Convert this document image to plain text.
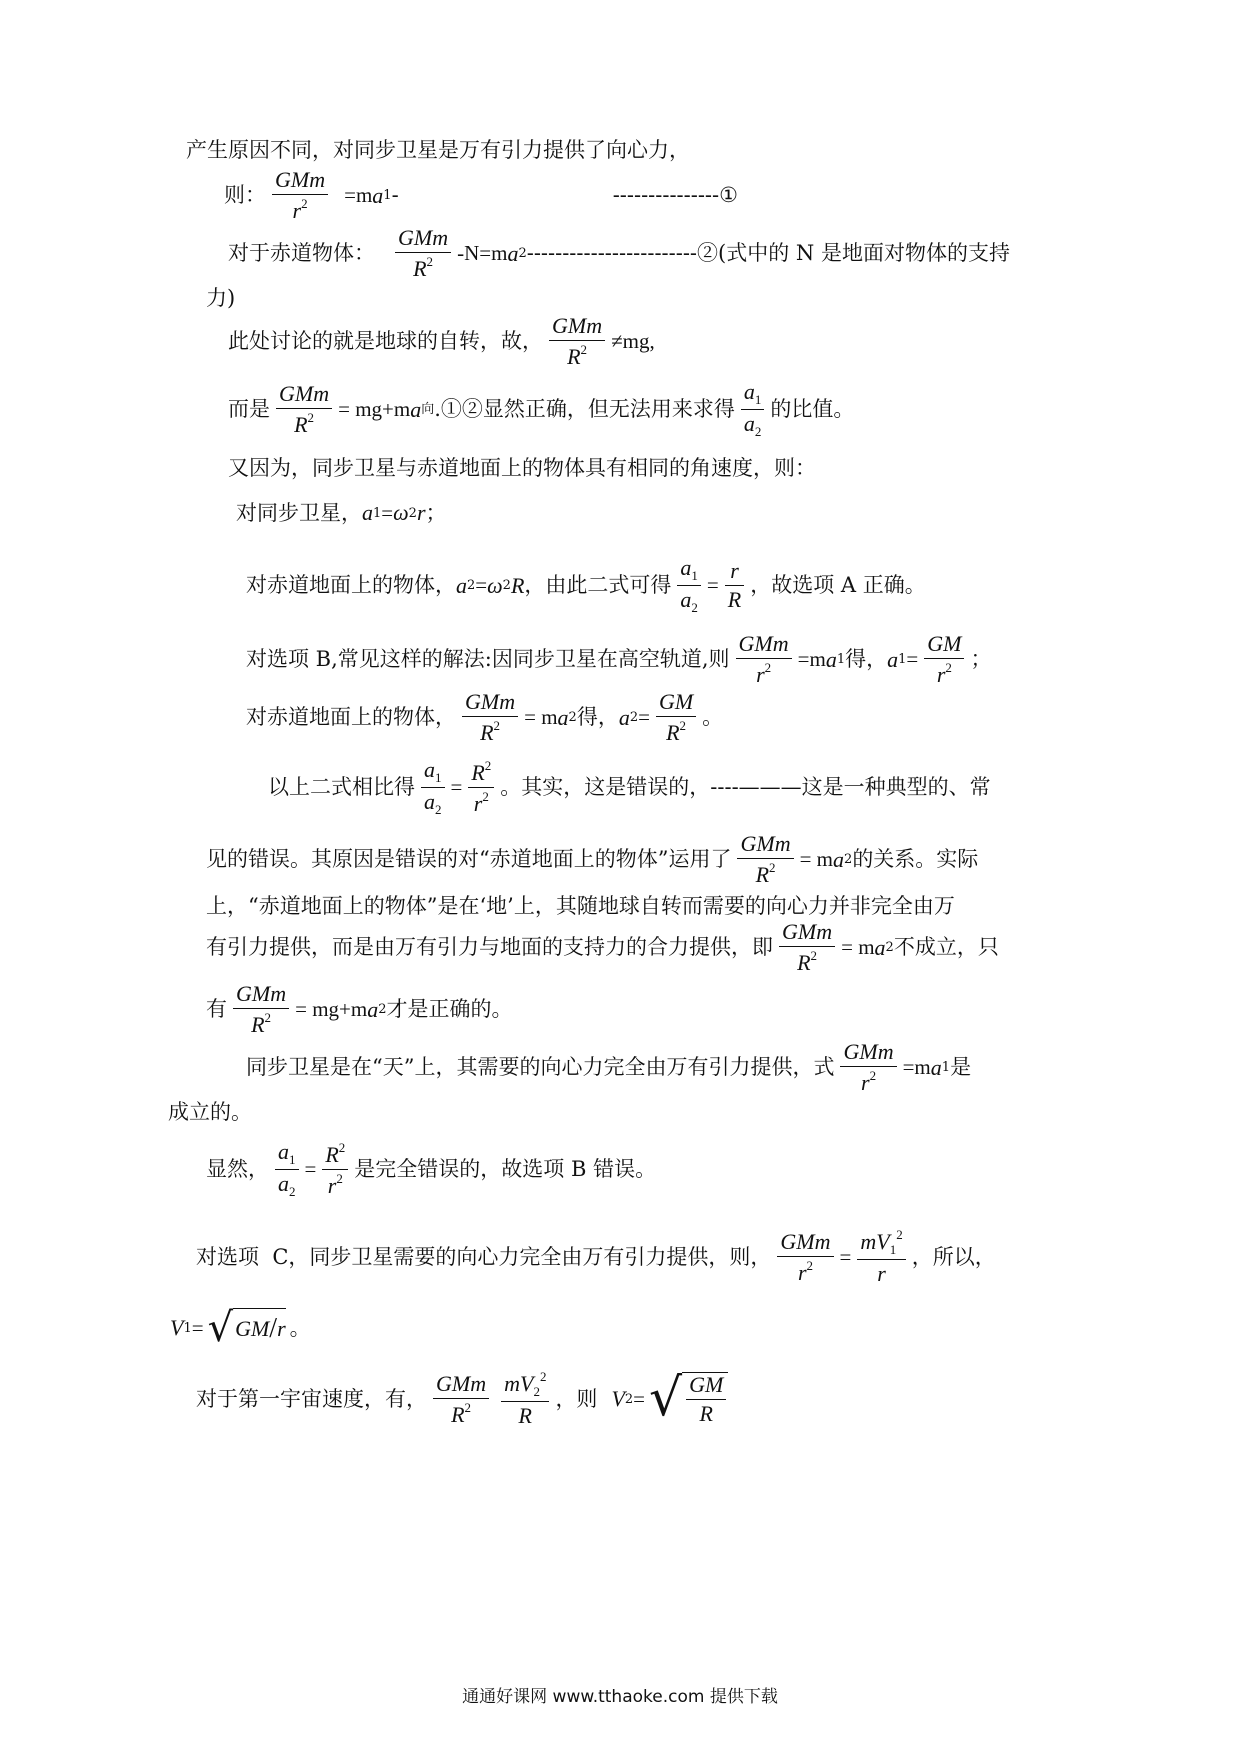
产生原因不同，对同步卫星是万有引力提供了向心力，
则： $\frac{\text{GMm}}{r^2} = m$ a 1 -	---------------①
对于赤道物体： $\frac{\text{GMm}}{R^2} -N=m$ a 2 ------------------------②(式中的 N 是地面对物体的支持
力)
此处讨论的就是地球的自转，故， $\frac{\text{GMm}}{R^2} \ne mg$,
而是 $\frac{\text{GMm}}{R^2} = mg+m$ a 向 .①②显然正确，但无法用来求得 $\frac{a_1}{a_2}$ 的比值。
又因为，同步卫星与赤道地面上的物体具有相同的角速度，则：
对同步卫星， a 1 = ω 2 r ；
对赤道地面上的物体， a 2 = ω 2 R ，由此二式可得 $\frac{a_1}{a_2} = \frac{r}{R}$ ，故选项 A 正确。
对选项 B,常见这样的解法:因同步卫星在高空轨道,则 $\frac{\text{GMm}}{r^2} =m$ a 1 得， a $1 = \frac{GM}{r^2}$ ；
对赤道地面上的物体， $\frac{\text{GMm}}{R^2} = m$ a 2 得， a $2 = \frac{GM}{R^2}$ 。
以上二式相比得 $\frac{a_1}{a_2} = \frac{R^2}{r^2}$ 。其实，这是错误的，----———这是一种典型的、常
见的错误。其原因是错误的对“赤道地面上的物体”运用了 $\frac{\text{GMm}}{R^2} = m$ a 2 的关系。实际
上，“赤道地面上的物体”是在‘地’上，其随地球自转而需要的向心力并非完全由万
有引力提供，而是由万有引力与地面的支持力的合力提供，即 $\frac{\text{GMm}}{R^2} = m$ a 2 不成立，只
有 $\frac{\text{GMm}}{R^2} = mg+m$ a 2 才是正确的。
同步卫星是在“天”上，其需要的向心力完全由万有引力提供，式 $\frac{\text{GMm}}{r^2} =m$ a 1 是
成立的。
显然， $\frac{a_1}{a_2} = \frac{R^2}{r^2}$ 是完全错误的，故选项 B 错误。
对选项  C，同步卫星需要的向心力完全由万有引力提供，则， $\frac{\text{GMm}}{r^2} = \frac{mV_1^2}{r}$ ，所以，
V 1 = √ GM / r 。
对于第一宇宙速度，有， $\frac{\text{GMm}}{R^2} \frac{mV_2^2}{R}$ ，则 V 2 = √ $\frac{GM}{R}$
通通好课网 www.tthaoke.com 提供下载
